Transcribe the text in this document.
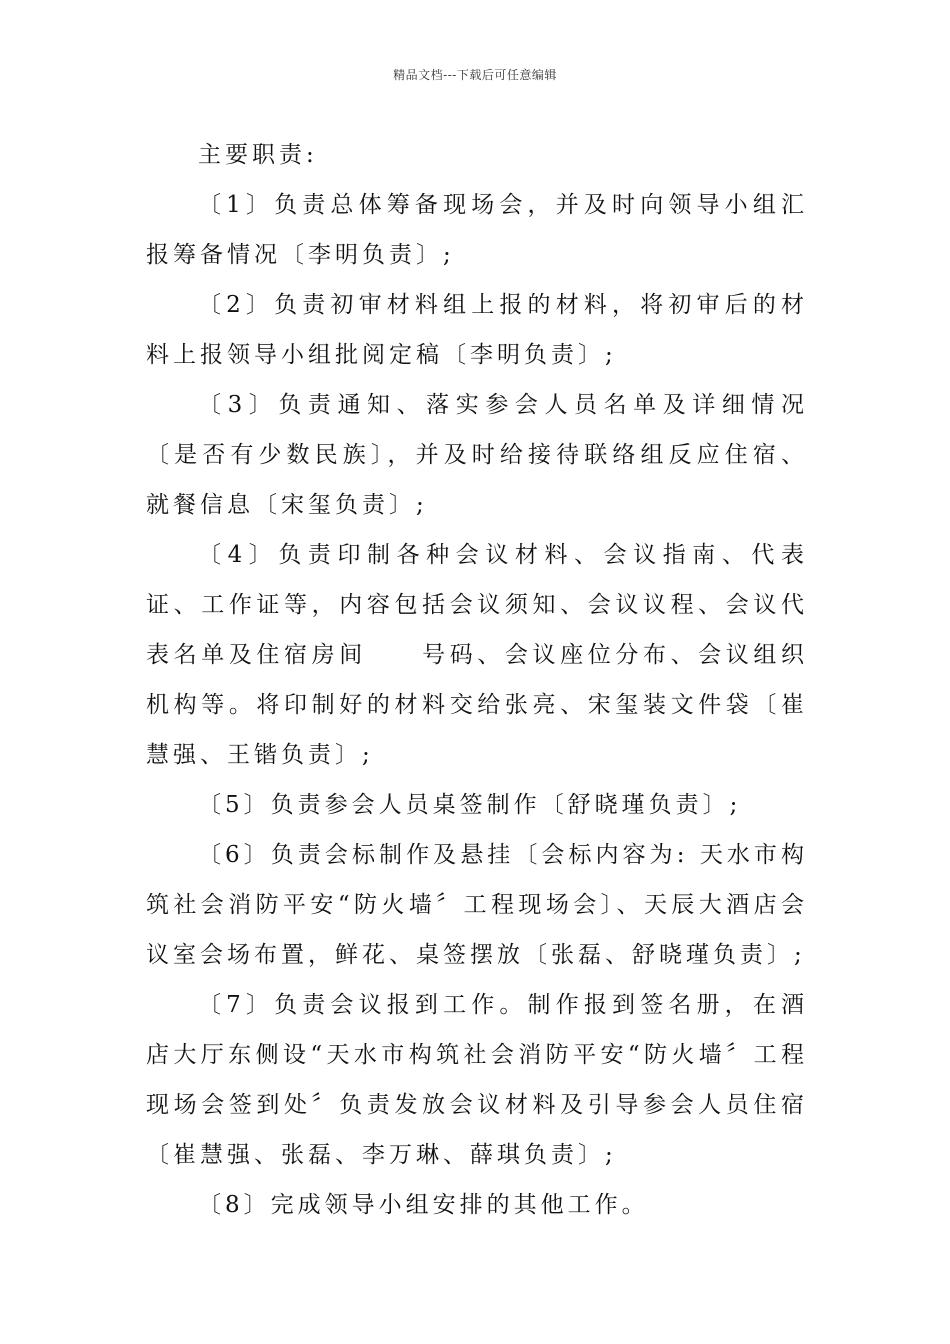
精品文档---下载后可任意编辑

主要职责:

〔1〕负责总体筹备现场会，并及时向领导小组汇报筹备情况〔李明负责〕;

〔2〕负责初审材料组上报的材料，将初审后的材料上报领导小组批阅定稿〔李明负责〕;

〔3〕负责通知、落实参会人员名单及详细情况〔是否有少数民族〕，并及时给接待联络组反应住宿、就餐信息〔宋玺负责〕;

〔4〕负责印制各种会议材料、会议指南、代表证、工作证等，内容包括会议须知、会议议程、会议代表名单及住宿房间　　号码、会议座位分布、会议组织机构等。将印制好的材料交给张亮、宋玺装文件袋〔崔慧强、王锴负责〕;

〔5〕负责参会人员桌签制作〔舒晓瑾负责〕;

〔6〕负责会标制作及悬挂〔会标内容为: 天水市构筑社会消防平安“防火墙〞工程现场会〕、天辰大酒店会议室会场布置，鲜花、桌签摆放〔张磊、舒晓瑾负责〕;

〔7〕负责会议报到工作。制作报到签名册，在酒店大厅东侧设“天水市构筑社会消防平安“防火墙〞工程现场会签到处〞负责发放会议材料及引导参会人员住宿〔崔慧强、张磊、李万琳、薛琪负责〕;

〔8〕完成领导小组安排的其他工作。
